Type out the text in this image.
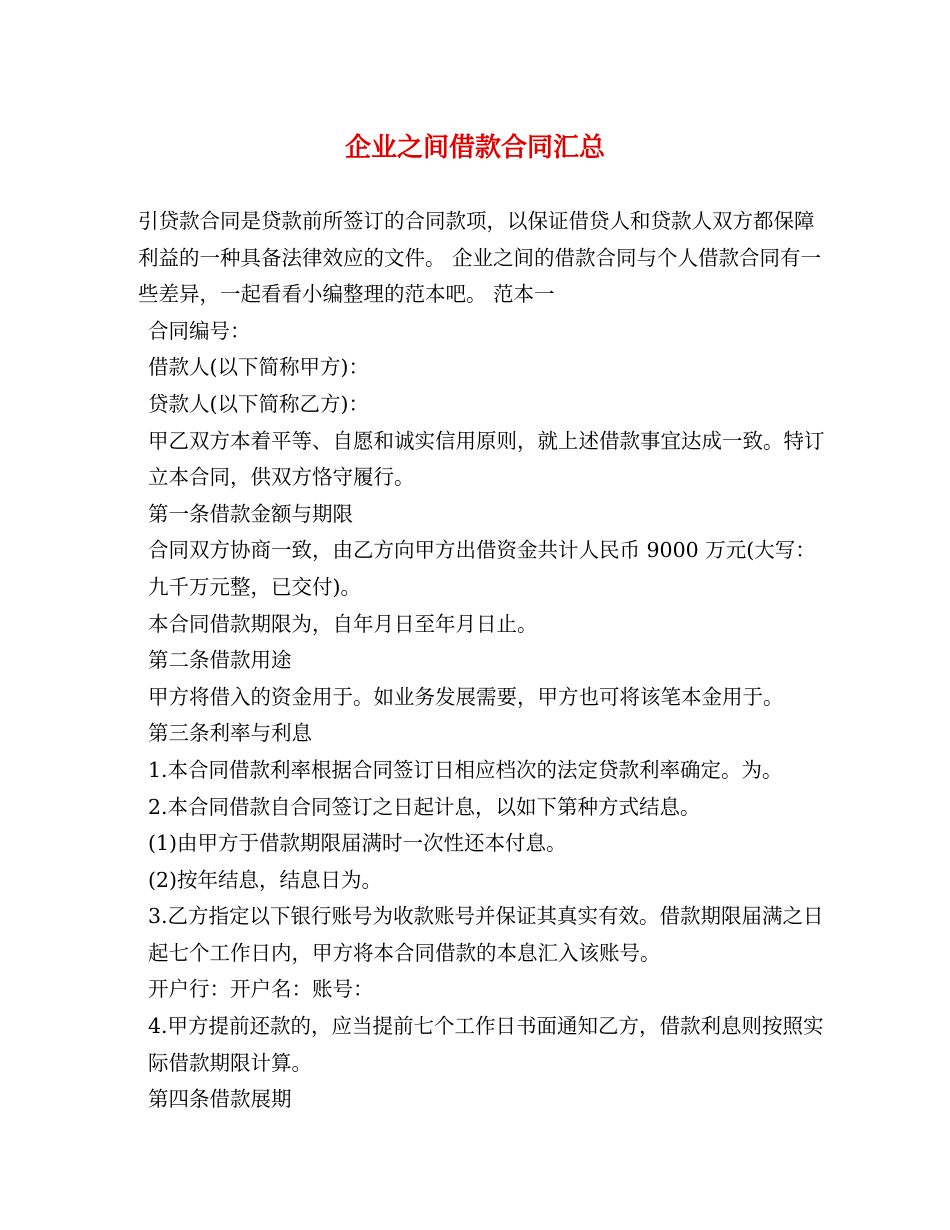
企业之间借款合同汇总

引贷款合同是贷款前所签订的合同款项，以保证借贷人和贷款人双方都保障利益的一种具备法律效应的文件。 企业之间的借款合同与个人借款合同有一些差异，一起看看小编整理的范本吧。 范本一

合同编号：

借款人(以下简称甲方)：

贷款人(以下简称乙方)：

甲乙双方本着平等、自愿和诚实信用原则，就上述借款事宜达成一致。特订立本合同，供双方恪守履行。

第一条借款金额与期限

合同双方协商一致，由乙方向甲方出借资金共计人民币 9000 万元(大写：九千万元整，已交付)。

本合同借款期限为，自年月日至年月日止。

第二条借款用途

甲方将借入的资金用于。如业务发展需要，甲方也可将该笔本金用于。

第三条利率与利息

1.本合同借款利率根据合同签订日相应档次的法定贷款利率确定。为。

2.本合同借款自合同签订之日起计息，以如下第种方式结息。

(1)由甲方于借款期限届满时一次性还本付息。

(2)按年结息，结息日为。

3.乙方指定以下银行账号为收款账号并保证其真实有效。借款期限届满之日起七个工作日内，甲方将本合同借款的本息汇入该账号。

开户行：开户名：账号：

4.甲方提前还款的，应当提前七个工作日书面通知乙方，借款利息则按照实际借款期限计算。

第四条借款展期
